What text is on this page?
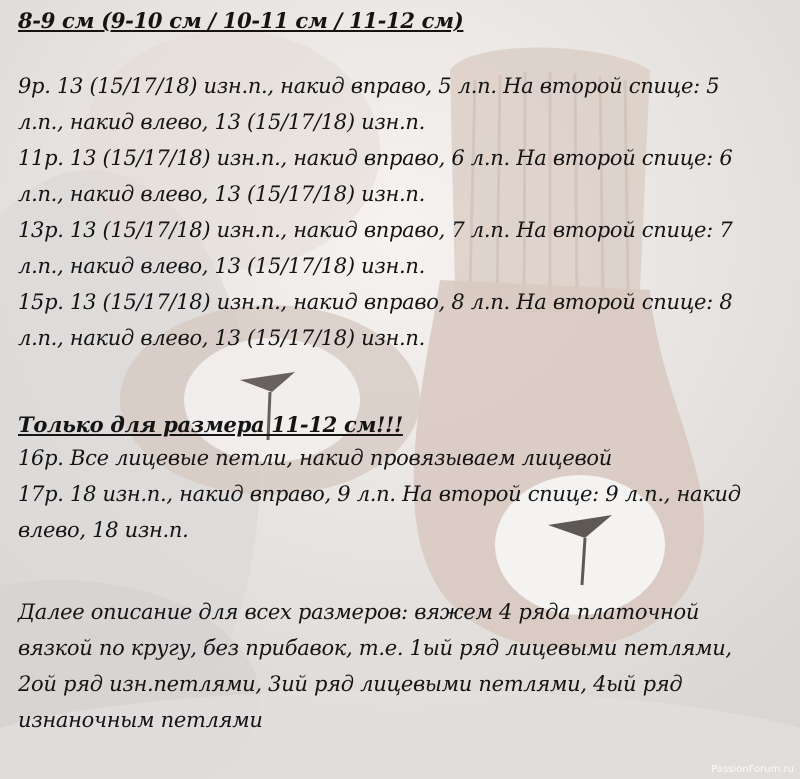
8-9 см (9-10 см / 10-11 см / 11-12 см)

9р. 13 (15/17/18) изн.п., накид вправо, 5 л.п. На второй спице: 5

л.п., накид влево, 13 (15/17/18) изн.п.

11р. 13 (15/17/18) изн.п., накид вправо, 6 л.п. На второй спице: 6

л.п., накид влево, 13 (15/17/18) изн.п.

13р. 13 (15/17/18) изн.п., накид вправо, 7 л.п. На второй спице: 7

л.п., накид влево, 13 (15/17/18) изн.п.

15р. 13 (15/17/18) изн.п., накид вправо, 8 л.п. На второй спице: 8

л.п., накид влево, 13 (15/17/18) изн.п.

Только для размера 11-12 см!!!

16р. Все лицевые петли, накид провязываем лицевой

17р. 18 изн.п., накид вправо, 9 л.п. На второй спице: 9 л.п., накид

влево, 18 изн.п.

Далее описание для всех размеров: вяжем 4 ряда платочной

вязкой по кругу, без прибавок, т.е. 1ый ряд лицевыми петлями,

2ой ряд изн.петлями, 3ий ряд лицевыми петлями, 4ый ряд

изнаночным петлями

PassionForum.ru
